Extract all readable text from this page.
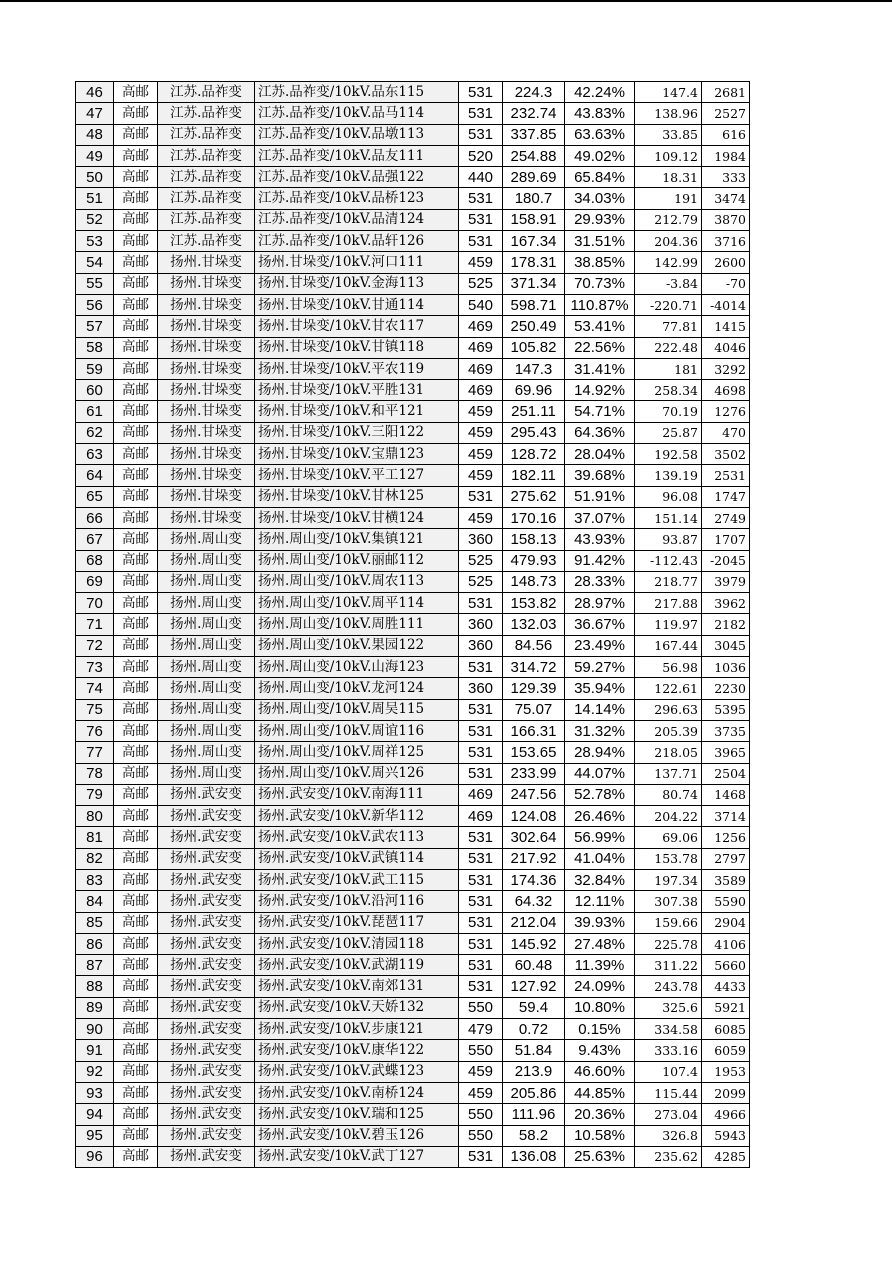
46	高邮	江苏.品祚变	江苏.品祚变/10kV.品东115	531	224.3	42.24%	147.4	2681
47	高邮	江苏.品祚变	江苏.品祚变/10kV.品马114	531	232.74	43.83%	138.96	2527
48	高邮	江苏.品祚变	江苏.品祚变/10kV.品墩113	531	337.85	63.63%	33.85	616
49	高邮	江苏.品祚变	江苏.品祚变/10kV.品友111	520	254.88	49.02%	109.12	1984
50	高邮	江苏.品祚变	江苏.品祚变/10kV.品强122	440	289.69	65.84%	18.31	333
51	高邮	江苏.品祚变	江苏.品祚变/10kV.品桥123	531	180.7	34.03%	191	3474
52	高邮	江苏.品祚变	江苏.品祚变/10kV.品清124	531	158.91	29.93%	212.79	3870
53	高邮	江苏.品祚变	江苏.品祚变/10kV.品轩126	531	167.34	31.51%	204.36	3716
54	高邮	扬州.甘垛变	扬州.甘垛变/10kV.河口111	459	178.31	38.85%	142.99	2600
55	高邮	扬州.甘垛变	扬州.甘垛变/10kV.金海113	525	371.34	70.73%	-3.84	-70
56	高邮	扬州.甘垛变	扬州.甘垛变/10kV.甘通114	540	598.71	110.87%	-220.71	-4014
57	高邮	扬州.甘垛变	扬州.甘垛变/10kV.甘农117	469	250.49	53.41%	77.81	1415
58	高邮	扬州.甘垛变	扬州.甘垛变/10kV.甘镇118	469	105.82	22.56%	222.48	4046
59	高邮	扬州.甘垛变	扬州.甘垛变/10kV.平农119	469	147.3	31.41%	181	3292
60	高邮	扬州.甘垛变	扬州.甘垛变/10kV.平胜131	469	69.96	14.92%	258.34	4698
61	高邮	扬州.甘垛变	扬州.甘垛变/10kV.和平121	459	251.11	54.71%	70.19	1276
62	高邮	扬州.甘垛变	扬州.甘垛变/10kV.三阳122	459	295.43	64.36%	25.87	470
63	高邮	扬州.甘垛变	扬州.甘垛变/10kV.宝鼎123	459	128.72	28.04%	192.58	3502
64	高邮	扬州.甘垛变	扬州.甘垛变/10kV.平工127	459	182.11	39.68%	139.19	2531
65	高邮	扬州.甘垛变	扬州.甘垛变/10kV.甘林125	531	275.62	51.91%	96.08	1747
66	高邮	扬州.甘垛变	扬州.甘垛变/10kV.甘横124	459	170.16	37.07%	151.14	2749
67	高邮	扬州.周山变	扬州.周山变/10kV.集镇121	360	158.13	43.93%	93.87	1707
68	高邮	扬州.周山变	扬州.周山变/10kV.丽邮112	525	479.93	91.42%	-112.43	-2045
69	高邮	扬州.周山变	扬州.周山变/10kV.周农113	525	148.73	28.33%	218.77	3979
70	高邮	扬州.周山变	扬州.周山变/10kV.周平114	531	153.82	28.97%	217.88	3962
71	高邮	扬州.周山变	扬州.周山变/10kV.周胜111	360	132.03	36.67%	119.97	2182
72	高邮	扬州.周山变	扬州.周山变/10kV.果园122	360	84.56	23.49%	167.44	3045
73	高邮	扬州.周山变	扬州.周山变/10kV.山海123	531	314.72	59.27%	56.98	1036
74	高邮	扬州.周山变	扬州.周山变/10kV.龙河124	360	129.39	35.94%	122.61	2230
75	高邮	扬州.周山变	扬州.周山变/10kV.周吴115	531	75.07	14.14%	296.63	5395
76	高邮	扬州.周山变	扬州.周山变/10kV.周谊116	531	166.31	31.32%	205.39	3735
77	高邮	扬州.周山变	扬州.周山变/10kV.周祥125	531	153.65	28.94%	218.05	3965
78	高邮	扬州.周山变	扬州.周山变/10kV.周兴126	531	233.99	44.07%	137.71	2504
79	高邮	扬州.武安变	扬州.武安变/10kV.南海111	469	247.56	52.78%	80.74	1468
80	高邮	扬州.武安变	扬州.武安变/10kV.新华112	469	124.08	26.46%	204.22	3714
81	高邮	扬州.武安变	扬州.武安变/10kV.武农113	531	302.64	56.99%	69.06	1256
82	高邮	扬州.武安变	扬州.武安变/10kV.武镇114	531	217.92	41.04%	153.78	2797
83	高邮	扬州.武安变	扬州.武安变/10kV.武工115	531	174.36	32.84%	197.34	3589
84	高邮	扬州.武安变	扬州.武安变/10kV.沿河116	531	64.32	12.11%	307.38	5590
85	高邮	扬州.武安变	扬州.武安变/10kV.琵琶117	531	212.04	39.93%	159.66	2904
86	高邮	扬州.武安变	扬州.武安变/10kV.清园118	531	145.92	27.48%	225.78	4106
87	高邮	扬州.武安变	扬州.武安变/10kV.武湖119	531	60.48	11.39%	311.22	5660
88	高邮	扬州.武安变	扬州.武安变/10kV.南郊131	531	127.92	24.09%	243.78	4433
89	高邮	扬州.武安变	扬州.武安变/10kV.天娇132	550	59.4	10.80%	325.6	5921
90	高邮	扬州.武安变	扬州.武安变/10kV.步康121	479	0.72	0.15%	334.58	6085
91	高邮	扬州.武安变	扬州.武安变/10kV.康华122	550	51.84	9.43%	333.16	6059
92	高邮	扬州.武安变	扬州.武安变/10kV.武蝶123	459	213.9	46.60%	107.4	1953
93	高邮	扬州.武安变	扬州.武安变/10kV.南桥124	459	205.86	44.85%	115.44	2099
94	高邮	扬州.武安变	扬州.武安变/10kV.瑞和125	550	111.96	20.36%	273.04	4966
95	高邮	扬州.武安变	扬州.武安变/10kV.碧玉126	550	58.2	10.58%	326.8	5943
96	高邮	扬州.武安变	扬州.武安变/10kV.武丁127	531	136.08	25.63%	235.62	4285
